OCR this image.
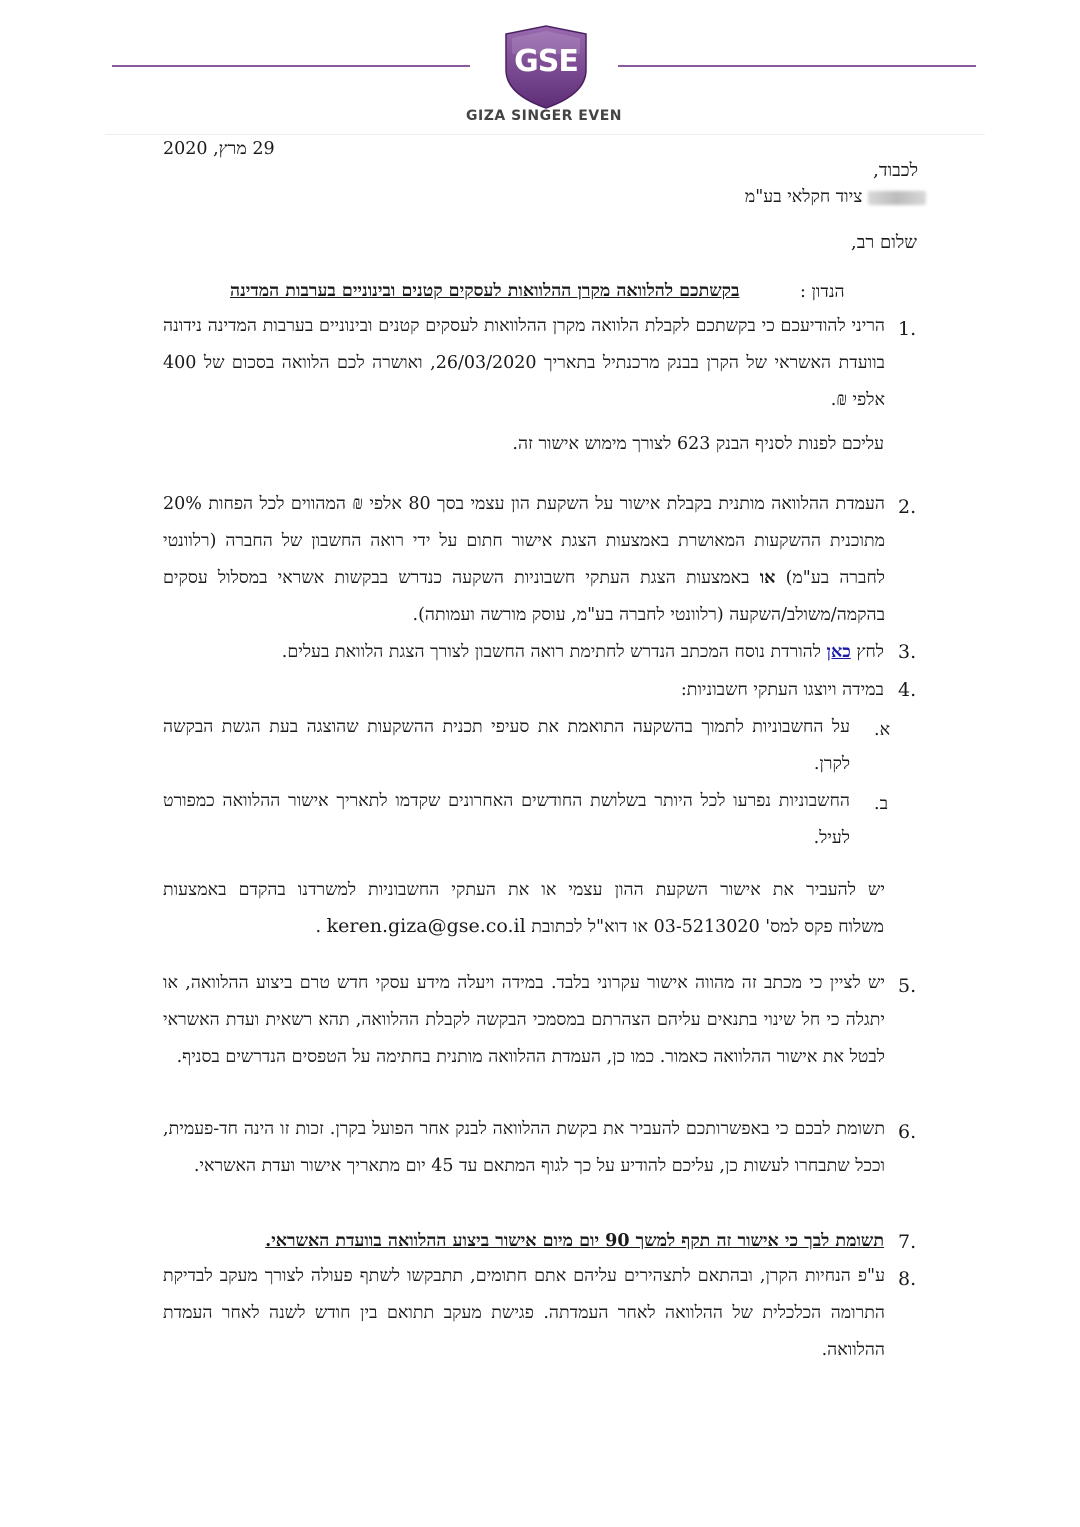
GSE
GIZA SINGER EVEN
29 מרץ, 2020
לכבוד,
ציוד חקלאי בע"מ
שלום רב,
הנדון :
בקשתכם להלוואה מקרן ההלוואות לעסקים קטנים ובינוניים בערבות המדינה
1.
הריני להודיעכם כי בקשתכם לקבלת הלוואה מקרן ההלוואות לעסקים קטנים ובינוניים בערבות המדינה נידונה בוועדת האשראי של הקרן בבנק מרכנתיל בתאריך 26/03/2020, ואושרה לכם הלוואה בסכום של 400 אלפי ₪.
עליכם לפנות לסניף הבנק 623 לצורך מימוש אישור זה.
2.
העמדת ההלוואה מותנית בקבלת אישור על השקעת הון עצמי בסך 80 אלפי ₪ המהווים לכל הפחות 20% מתוכנית ההשקעות המאושרת באמצעות הצגת אישור חתום על ידי רואה החשבון של החברה (רלוונטי לחברה בע"מ) או באמצעות הצגת העתקי חשבוניות השקעה כנדרש בבקשות אשראי במסלול עסקים בהקמה/משולב/השקעה (רלוונטי לחברה בע"מ, עוסק מורשה ועמותה).
3.
לחץ כאן להורדת נוסח המכתב הנדרש לחתימת רואה החשבון לצורך הצגת הלוואת בעלים.
4.
במידה ויוצגו העתקי חשבוניות:
א.
על החשבוניות לתמוך בהשקעה התואמת את סעיפי תכנית ההשקעות שהוצגה בעת הגשת הבקשה לקרן.
ב.
החשבוניות נפרעו לכל היותר בשלושת החודשים האחרונים שקדמו לתאריך אישור ההלוואה כמפורט לעיל.
יש להעביר את אישור השקעת ההון עצמי או את העתקי החשבוניות למשרדנו בהקדם באמצעות
משלוח פקס למס' 03-5213020 או דוא"ל לכתובת keren.giza@gse.co.il .
5.
יש לציין כי מכתב זה מהווה אישור עקרוני בלבד. במידה ויעלה מידע עסקי חדש טרם ביצוע ההלוואה, או יתגלה כי חל שינוי בתנאים עליהם הצהרתם במסמכי הבקשה לקבלת ההלוואה, תהא רשאית ועדת האשראי לבטל את אישור ההלוואה כאמור. כמו כן, העמדת ההלוואה מותנית בחתימה על הטפסים הנדרשים בסניף.
6.
תשומת לבכם כי באפשרותכם להעביר את בקשת ההלוואה לבנק אחר הפועל בקרן. זכות זו הינה חד-פעמית, וככל שתבחרו לעשות כן, עליכם להודיע על כך לגוף המתאם עד 45 יום מתאריך אישור ועדת האשראי.
7.
תשומת לבך כי אישור זה תקף למשך 90 יום מיום אישור ביצוע ההלוואה בוועדת האשראי.
8.
ע"פ הנחיות הקרן, ובהתאם לתצהירים עליהם אתם חתומים, תתבקשו לשתף פעולה לצורך מעקב לבדיקת התרומה הכלכלית של ההלוואה לאחר העמדתה. פגישת מעקב תתואם בין חודש לשנה לאחר העמדת ההלוואה.
